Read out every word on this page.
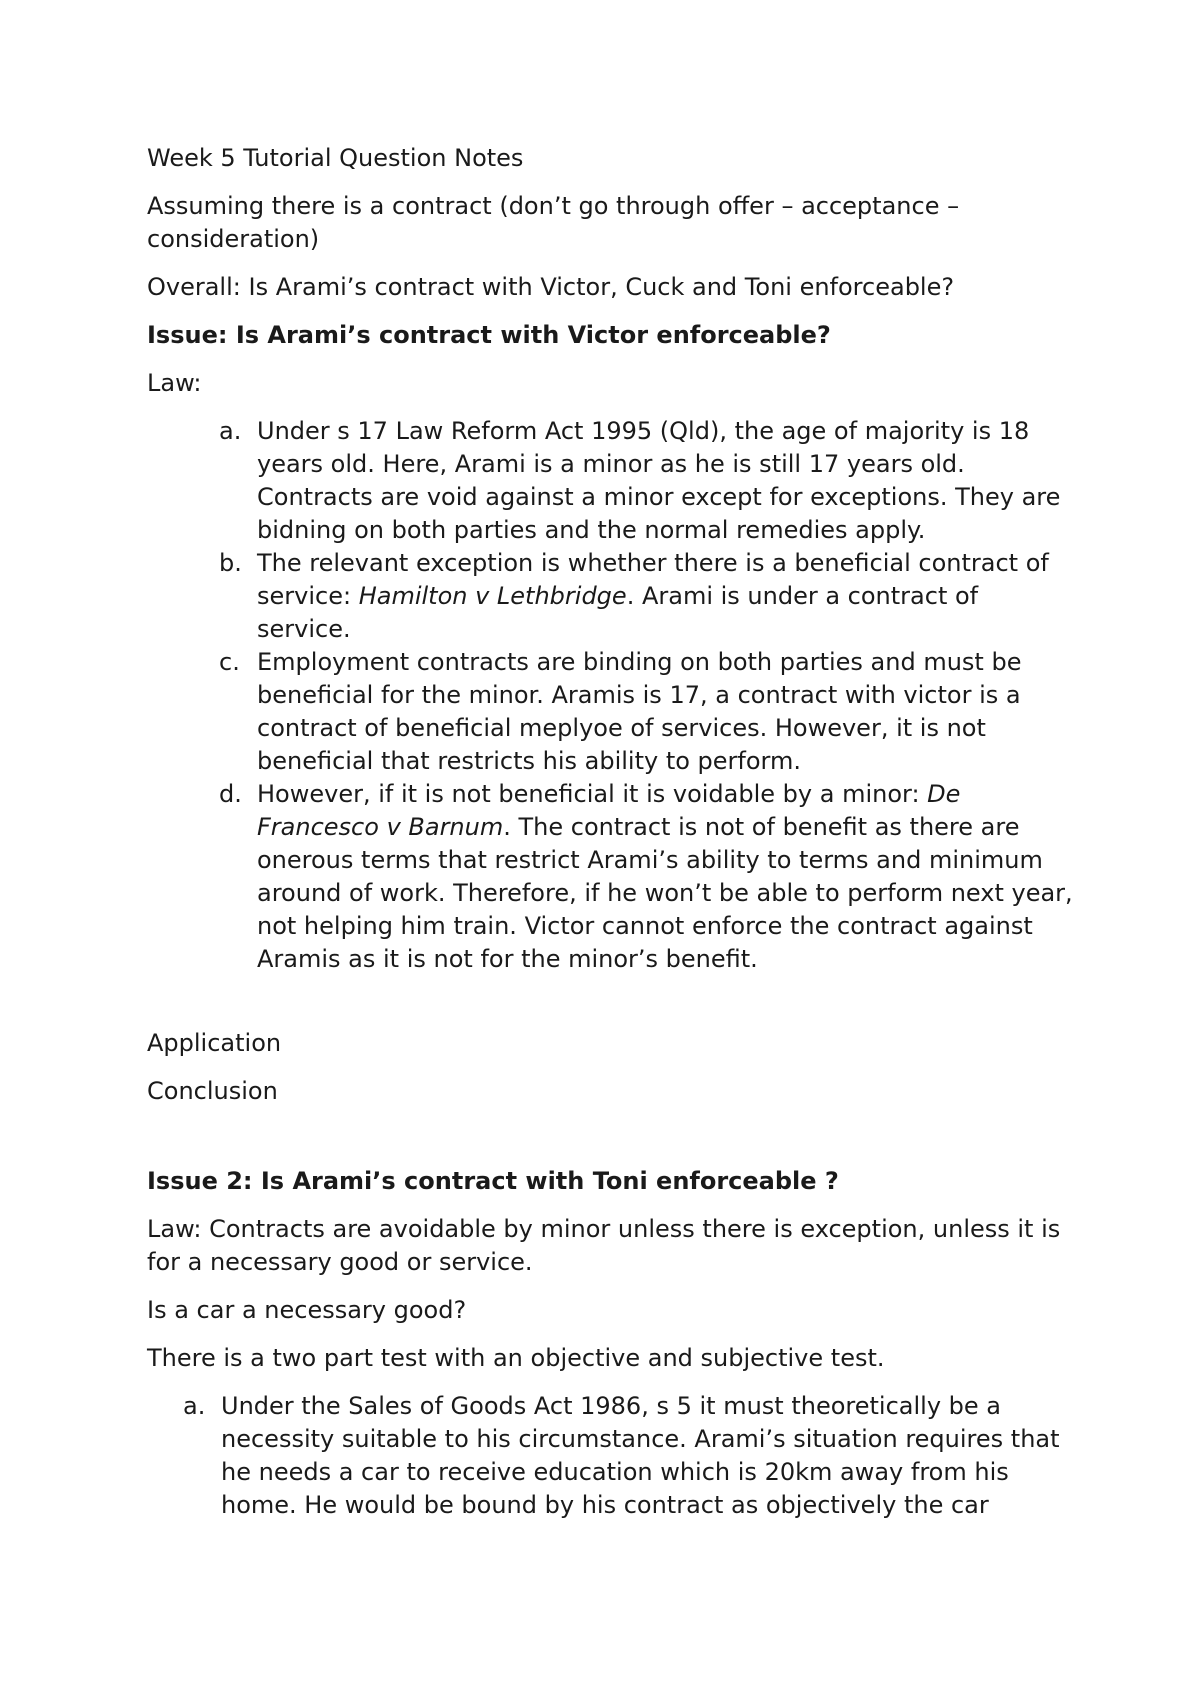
Week 5 Tutorial Question Notes

Assuming there is a contract (don’t go through offer – acceptance – consideration)

Overall: Is Arami’s contract with Victor, Cuck and Toni enforceable?

Issue: Is Arami’s contract with Victor enforceable?

Law:

a. Under s 17 Law Reform Act 1995 (Qld), the age of majority is 18 years old. Here, Arami is a minor as he is still 17 years old. Contracts are void against a minor except for exceptions. They are bidning on both parties and the normal remedies apply.
b. The relevant exception is whether there is a beneficial contract of service: Hamilton v Lethbridge. Arami is under a contract of service.
c. Employment contracts are binding on both parties and must be beneficial for the minor. Aramis is 17, a contract with victor is a contract of beneficial meplyoe of services. However, it is not beneficial that restricts his ability to perform.
d. However, if it is not beneficial it is voidable by a minor: De Francesco v Barnum. The contract is not of benefit as there are onerous terms that restrict Arami’s ability to terms and minimum around of work. Therefore, if he won’t be able to perform next year, not helping him train. Victor cannot enforce the contract against Aramis as it is not for the minor’s benefit.

Application

Conclusion

Issue 2: Is Arami’s contract with Toni enforceable ?

Law: Contracts are avoidable by minor unless there is exception, unless it is for a necessary good or service.

Is a car a necessary good?

There is a two part test with an objective and subjective test.

a. Under the Sales of Goods Act 1986, s 5 it must theoretically be a necessity suitable to his circumstance. Arami’s situation requires that he needs a car to receive education which is 20km away from his home. He would be bound by his contract as objectively the car
